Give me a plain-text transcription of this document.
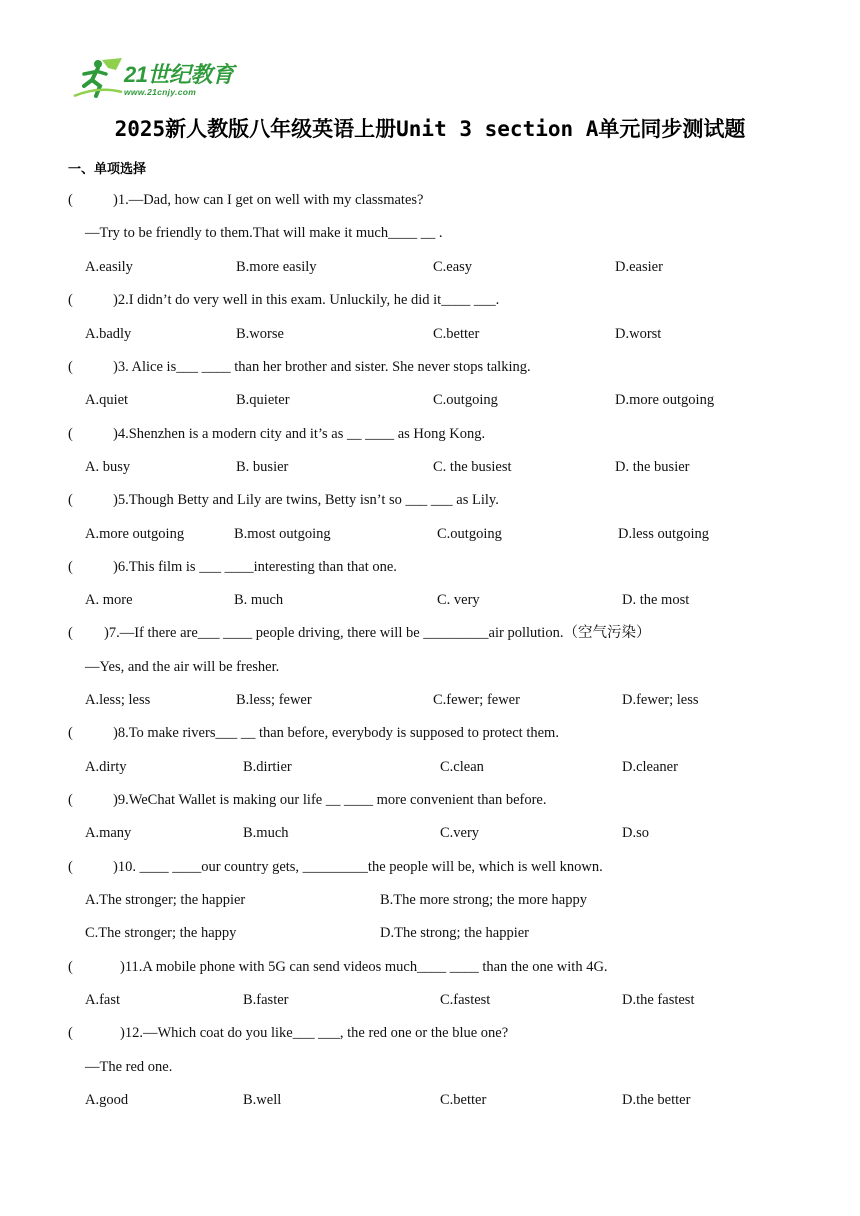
21世纪教育
www.21cnjy.com
2025新人教版八年级英语上册Unit 3 section A单元同步测试题
一、单项选择
(	)1.—Dad, how can I get on well with my classmates?
—Try to be friendly to them.That will make it much____ __ .
A.easily	B.more easily	C.easy	D.easier
(	)2.I didn’t do very well in this exam. Unluckily, he did it____ ___.
A.badly	B.worse	C.better	D.worst
(	)3. Alice is___ ____ than her brother and sister. She never stops talking.
A.quiet	B.quieter	C.outgoing	D.more outgoing
(	)4.Shenzhen is a modern city and it’s as __ ____ as Hong Kong.
A. busy	B. busier	C. the busiest	D. the busier
(	)5.Though Betty and Lily are twins, Betty isn’t so ___ ___ as Lily.
A.more outgoing	B.most outgoing	C.outgoing	D.less outgoing
(	)6.This film is ___ ____interesting than that one.
A. more	B. much	C. very	D. the most
( )7.—If there are___ ____ people driving, there will be _________air pollution.（空气污染）
—Yes, and the air will be fresher.
A.less; less	B.less; fewer	C.fewer; fewer	D.fewer; less
(	)8.To make rivers___ __ than before, everybody is supposed to protect them.
A.dirty	B.dirtier	C.clean	D.cleaner
(	)9.WeChat Wallet is making our life __ ____ more convenient than before.
A.many	B.much	C.very	D.so
(	)10. ____ ____our country gets, _________the people will be, which is well known.
A.The stronger; the happier	B.The more strong; the more happy
C.The stronger; the happy	D.The strong; the happier
(	)11.A mobile phone with 5G can send videos much____ ____ than the one with 4G.
A.fast	B.faster	C.fastest	D.the fastest
(	)12.—Which coat do you like___ ___, the red one or the blue one?
—The red one.
A.good	B.well	C.better	D.the better
